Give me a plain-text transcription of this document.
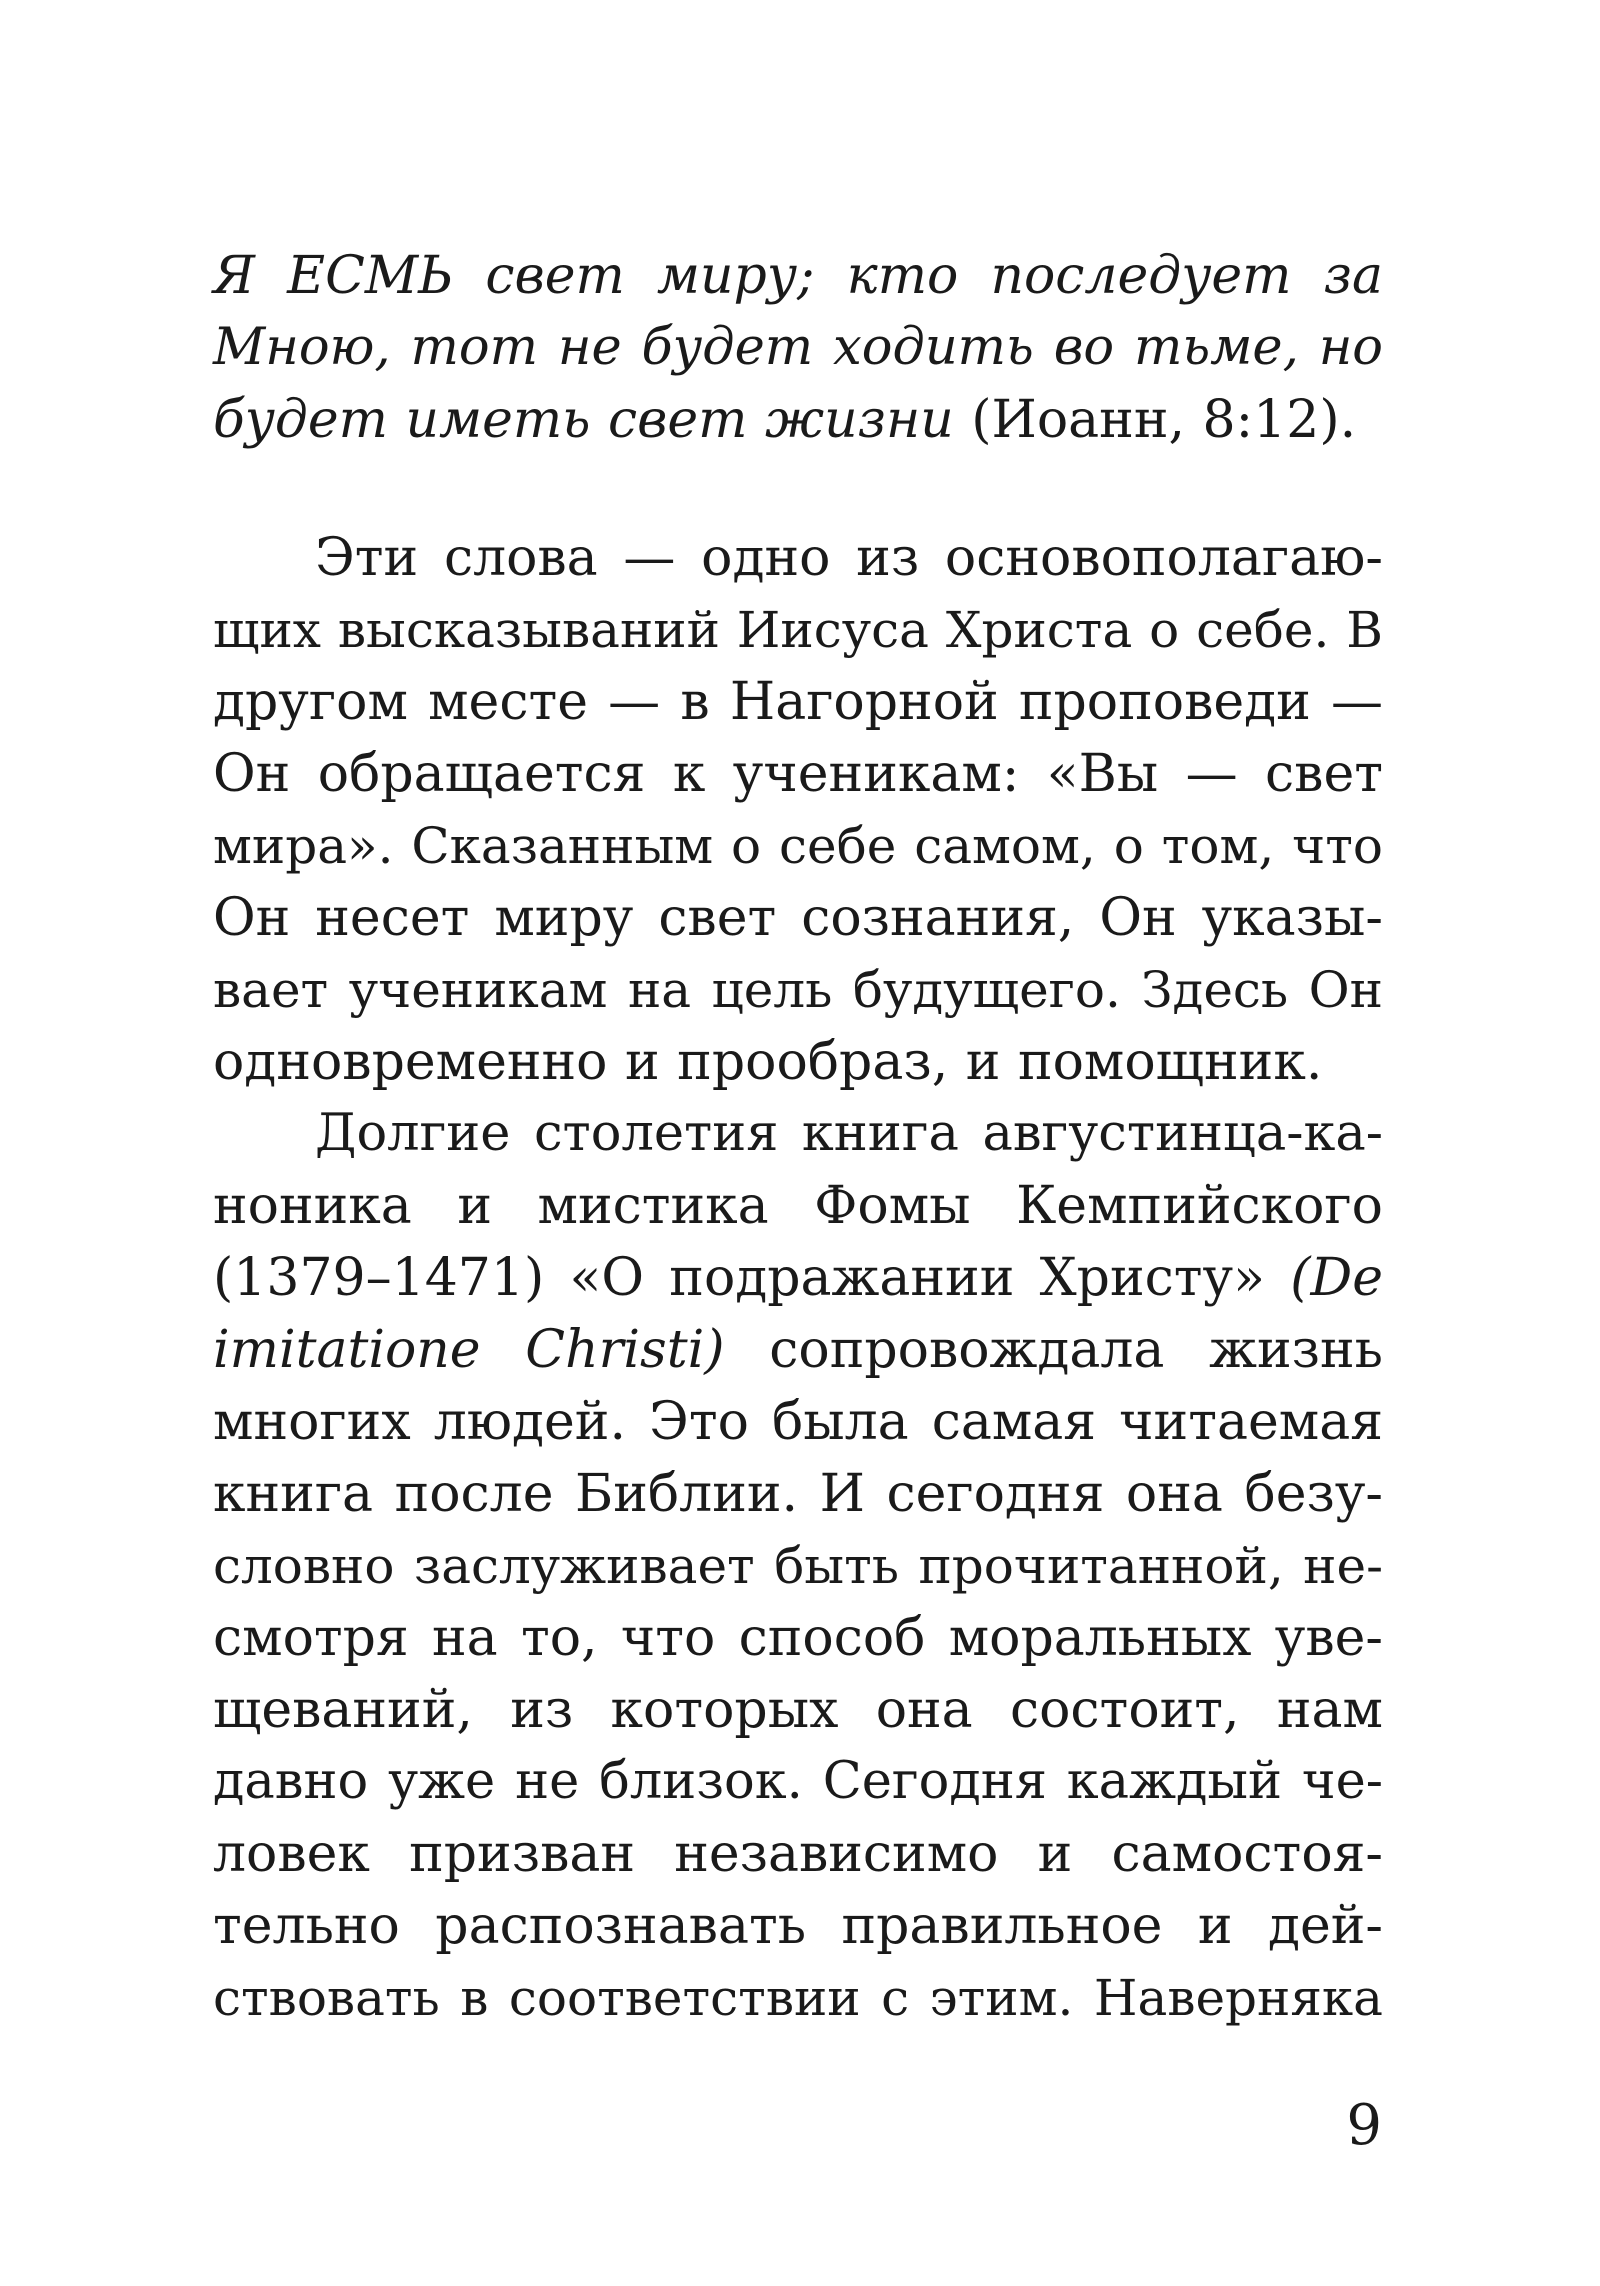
Я ЕСМЬ свет миру; кто последует за
Мною, тот не будет ходить во тьме, но
будет иметь свет жизни (Иоанн, 8:12).
Эти слова — одно из основополагаю-
щих высказываний Иисуса Христа о себе. В
другом месте — в Нагорной проповеди —
Он обращается к ученикам: «Вы — свет
мира». Сказанным о себе самом, о том, что
Он несет миру свет сознания, Он указы-
вает ученикам на цель будущего. Здесь Он
одновременно и прообраз, и помощник.
Долгие столетия книга августинца-ка-
ноника и мистика Фомы Кемпийского
(1379–1471) «О подражании Христу» (De
imitatione Christi) сопровождала жизнь
многих людей. Это была самая читаемая
книга после Библии. И сегодня она безу-
словно заслуживает быть прочитанной, не-
смотря на то, что способ моральных уве-
щеваний, из которых она состоит, нам
давно уже не близок. Сегодня каждый че-
ловек призван независимо и самостоя-
тельно распознавать правильное и дей-
ствовать в соответствии с этим. Наверняка
9
